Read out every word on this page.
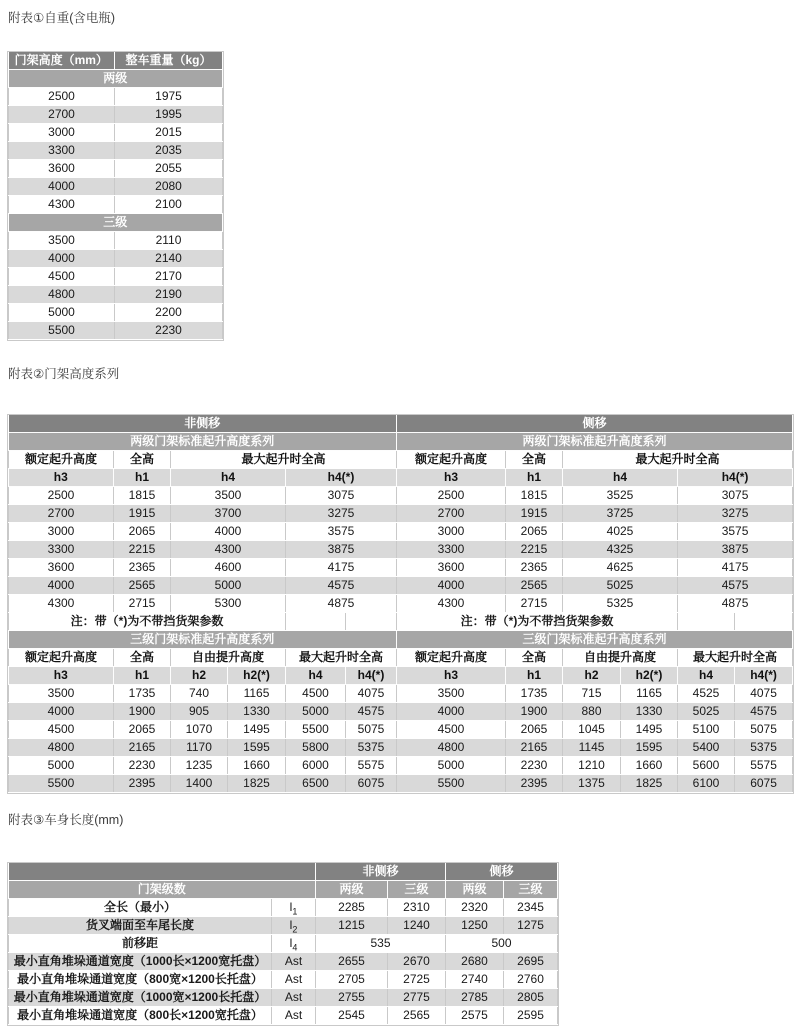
附表①自重(含电瓶)
门架高度（mm）	整车重量（kg）
两级	
2500	1975
2700	1995
3000	2015
3300	2035
3600	2055
4000	2080
4300	2100
三级	
3500	2110
4000	2140
4500	2170
4800	2190
5000	2200
5500	2230
附表②门架高度系列
非侧移						侧移					
两级门架标准起升高度系列						两级门架标准起升高度系列					
额定起升高度	全高	最大起升时全高				额定起升高度	全高	最大起升时全高			
h3	h1	h4		h4(*)		h3	h1	h4		h4(*)	
2500	1815	3500		3075		2500	1815	3525		3075	
2700	1915	3700		3275		2700	1915	3725		3275	
3000	2065	4000		3575		3000	2065	4025		3575	
3300	2215	4300		3875		3300	2215	4325		3875	
3600	2365	4600		4175		3600	2365	4625		4175	
4000	2565	5000		4575		4000	2565	5025		4575	
4300	2715	5300		4875		4300	2715	5325		4875	
注：带（*)为不带挡货架参数						注：带（*)为不带挡货架参数					
三级门架标准起升高度系列						三级门架标准起升高度系列					
额定起升高度	全高	自由提升高度		最大起升时全高		额定起升高度	全高	自由提升高度		最大起升时全高	
h3	h1	h2	h2(*)	h4	h4(*)	h3	h1	h2	h2(*)	h4	h4(*)
3500	1735	740	1165	4500	4075	3500	1735	715	1165	4525	4075
4000	1900	905	1330	5000	4575	4000	1900	880	1330	5025	4575
4500	2065	1070	1495	5500	5075	4500	2065	1045	1495	5100	5075
4800	2165	1170	1595	5800	5375	4800	2165	1145	1595	5400	5375
5000	2230	1235	1660	6000	5575	5000	2230	1210	1660	5600	5575
5500	2395	1400	1825	6500	6075	5500	2395	1375	1825	6100	6075
附表③车身长度(mm)
		非侧移		侧移	
门架级数		两级	三级	两级	三级
全长（最小）	$l_1$	2285	2310	2320	2345
货叉端面至车尾长度	$l_2$	1215	1240	1250	1275
前移距	$l_4$	535		500	
最小直角堆垛通道宽度（1000长×1200宽托盘）	Ast	2655	2670	2680	2695
最小直角堆垛通道宽度（800宽×1200长托盘）	Ast	2705	2725	2740	2760
最小直角堆垛通道宽度（1000宽×1200长托盘）	Ast	2755	2775	2785	2805
最小直角堆垛通道宽度（800长×1200宽托盘）	Ast	2545	2565	2575	2595
